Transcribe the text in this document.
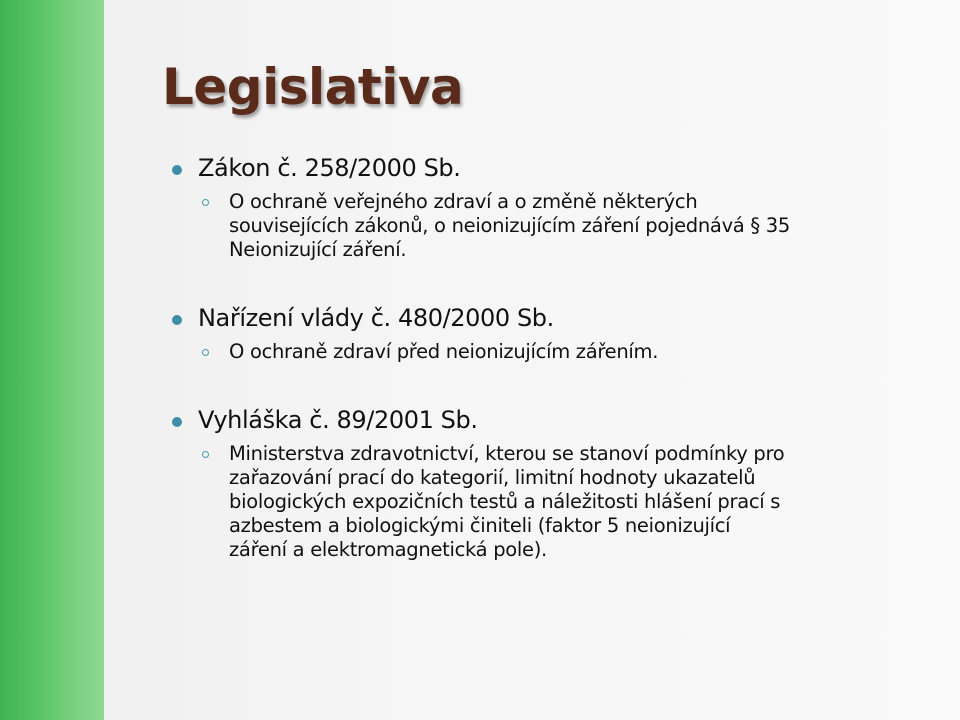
Legislativa
Zákon č. 258/2000 Sb.
O ochraně veřejného zdraví a o změně některých
souvisejících zákonů, o neionizujícím záření pojednává § 35
Neionizující záření.
Nařízení vlády č. 480/2000 Sb.
O ochraně zdraví před neionizujícím zářením.
Vyhláška č. 89/2001 Sb.
Ministerstva zdravotnictví, kterou se stanoví podmínky pro
zařazování prací do kategorií, limitní hodnoty ukazatelů
biologických expozičních testů a náležitosti hlášení prací s
azbestem a biologickými činiteli (faktor 5 neionizující
záření a elektromagnetická pole).
